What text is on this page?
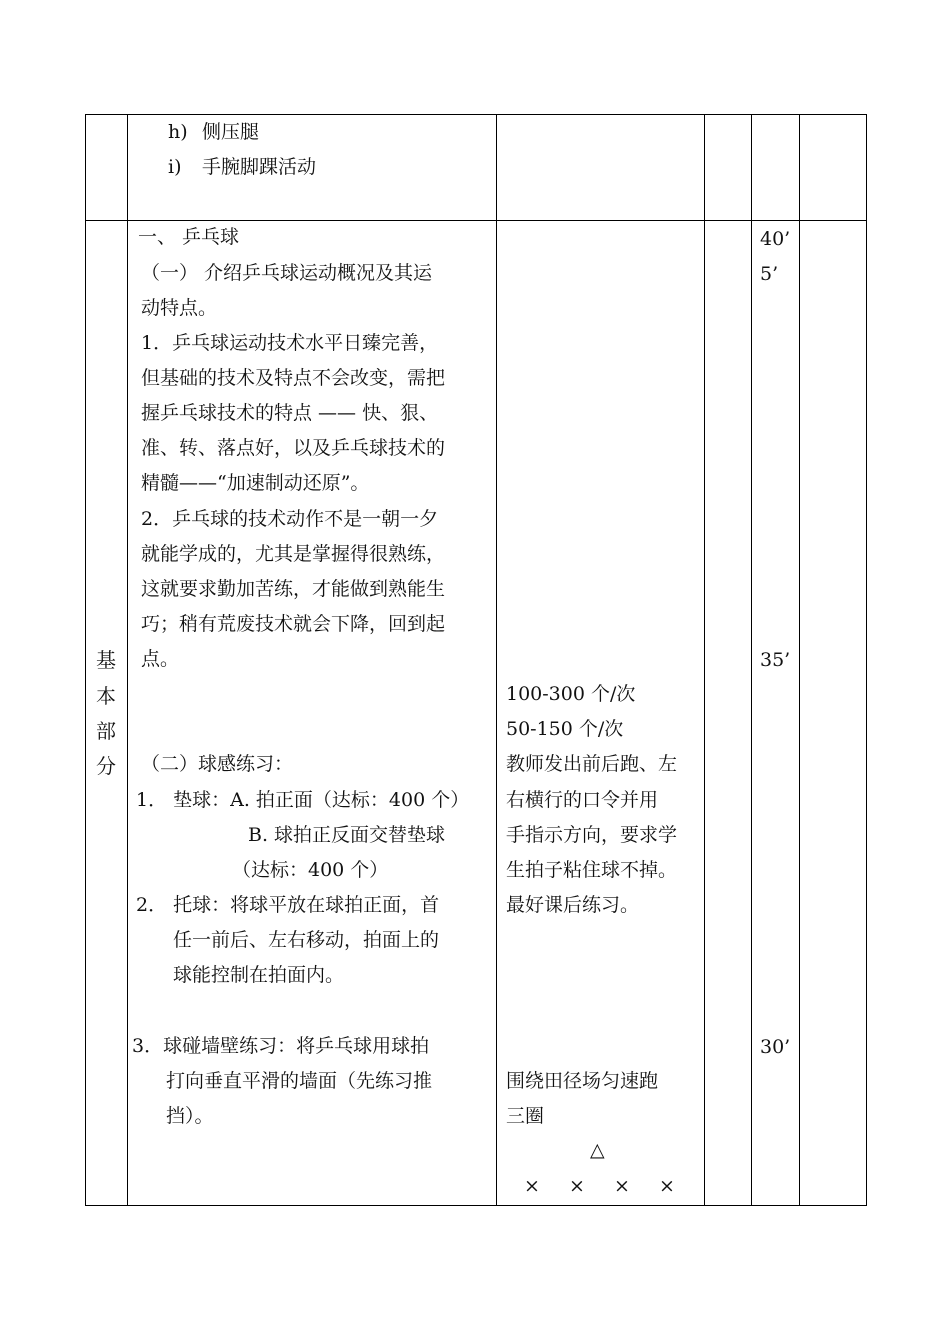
h) 侧压腿
i) 手腕脚踝活动
基
本
部
分
一、 乒乓球
（一） 介绍乒乓球运动概况及其运
动特点。
1．乒乓球运动技术水平日臻完善，
但基础的技术及特点不会改变，需把
握乒乓球技术的特点 —— 快、狠、
准、转、落点好，以及乒乓球技术的
精髓——“加速制动还原”。
2．乒乓球的技术动作不是一朝一夕
就能学成的，尤其是掌握得很熟练，
这就要求勤加苦练，才能做到熟能生
巧；稍有荒废技术就会下降，回到起
点。
（二）球感练习：
1． 垫球：A. 拍正面（达标：400 个）
B. 球拍正反面交替垫球
（达标：400 个）
2． 托球：将球平放在球拍正面，首
任一前后、左右移动，拍面上的
球能控制在拍面内。
3．球碰墙壁练习：将乒乓球用球拍
打向垂直平滑的墙面（先练习推
挡）。
100-300 个/次
50-150 个/次
教师发出前后跑、左
右横行的口令并用
手指示方向，要求学
生拍子粘住球不掉。
最好课后练习。
围绕田径场匀速跑
三圈
△
× × × ×
40’
5’
35’
30’
